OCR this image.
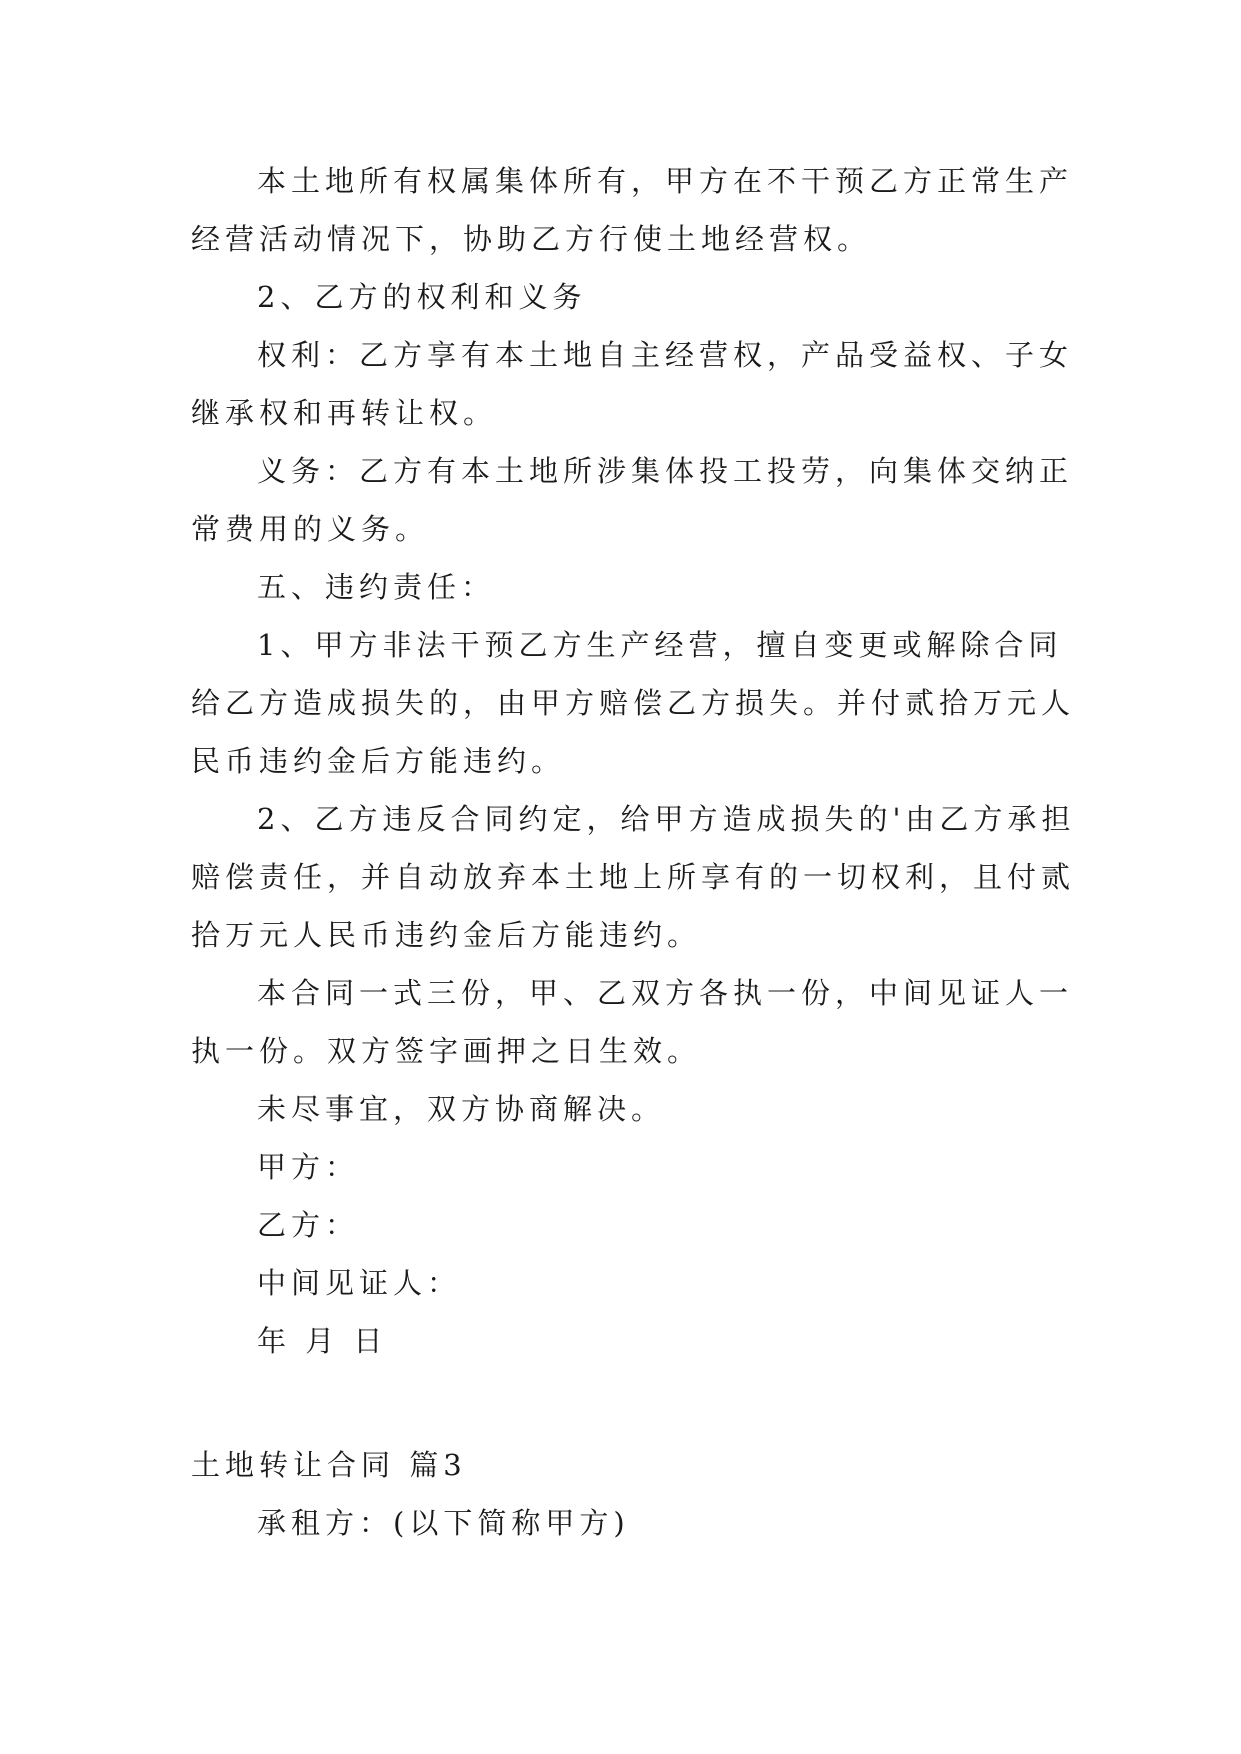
本土地所有权属集体所有，甲方在不干预乙方正常生产

经营活动情况下，协助乙方行使土地经营权。

2、乙方的权利和义务

权利：乙方享有本土地自主经营权，产品受益权、子女

继承权和再转让权。

义务：乙方有本土地所涉集体投工投劳，向集体交纳正

常费用的义务。

五、违约责任：

1、甲方非法干预乙方生产经营，擅自变更或解除合同

给乙方造成损失的，由甲方赔偿乙方损失。并付贰拾万元人

民币违约金后方能违约。

2、乙方违反合同约定，给甲方造成损失的'由乙方承担

赔偿责任，并自动放弃本土地上所享有的一切权利，且付贰

拾万元人民币违约金后方能违约。

本合同一式三份，甲、乙双方各执一份，中间见证人一

执一份。双方签字画押之日生效。

未尽事宜，双方协商解决。

甲方：

乙方：

中间见证人：

年 月 日

土地转让合同 篇3

承租方：(以下简称甲方)
